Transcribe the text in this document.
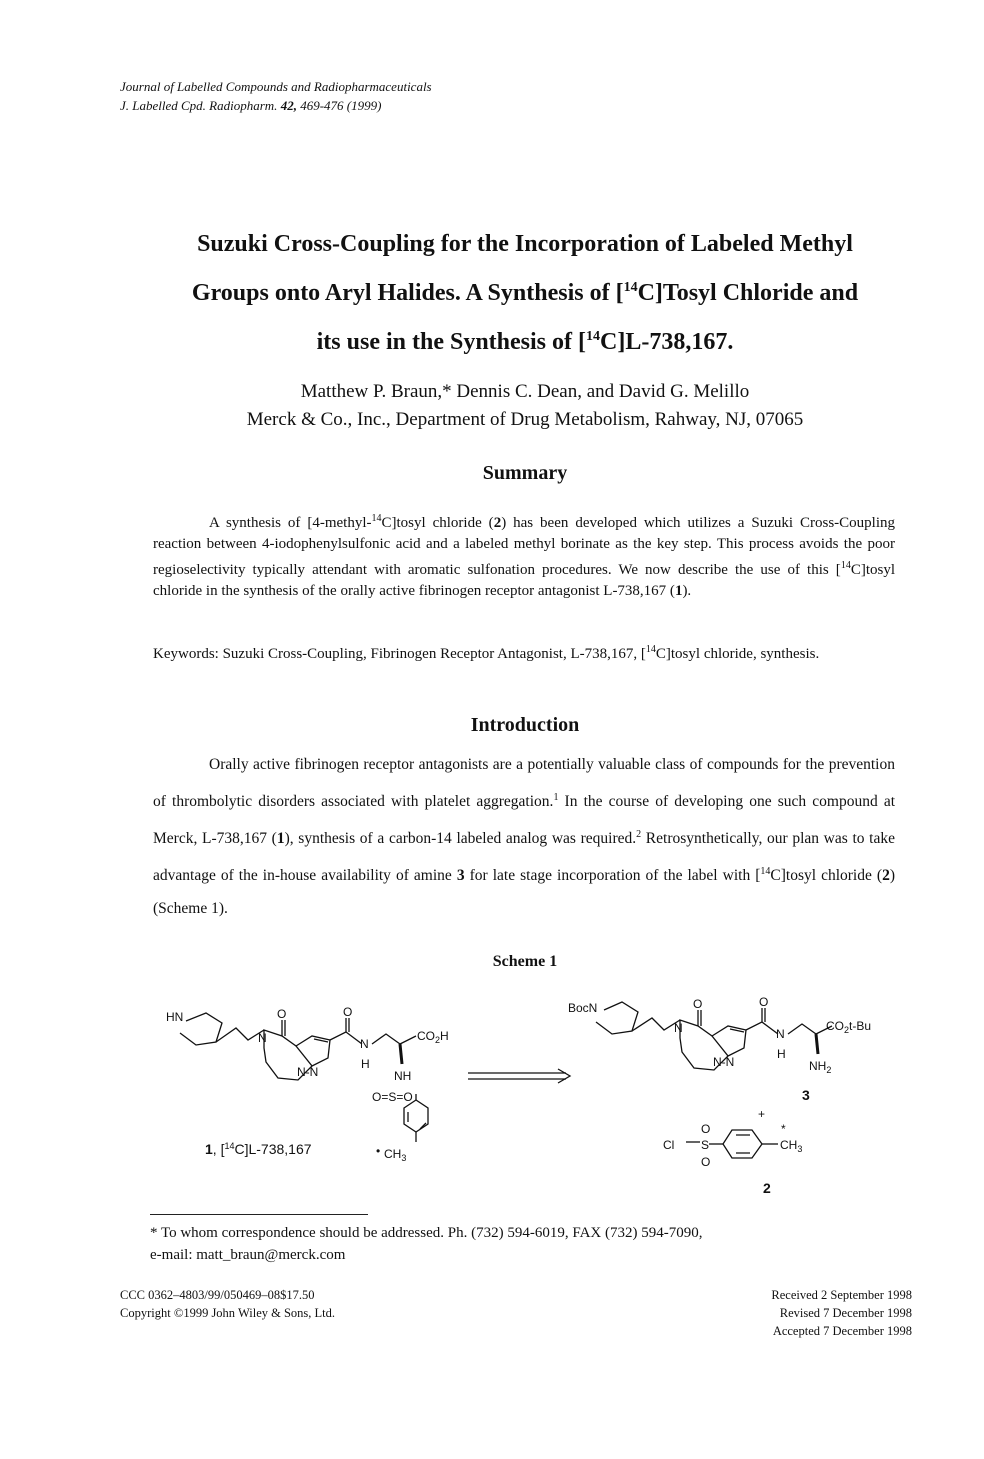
Journal of Labelled Compounds and Radiopharmaceuticals
J. Labelled Cpd. Radiopharm. 42, 469-476 (1999)
Suzuki Cross-Coupling for the Incorporation of Labeled Methyl
Groups onto Aryl Halides. A Synthesis of [$^{14}$C]Tosyl Chloride and
its use in the Synthesis of [$^{14}$C]L-738,167.
Matthew P. Braun,* Dennis C. Dean, and David G. Melillo
Merck & Co., Inc., Department of Drug Metabolism, Rahway, NJ, 07065
Summary
A synthesis of [4-methyl-$^{14}$C]tosyl chloride (2) has been developed which utilizes a Suzuki Cross-Coupling reaction between 4-iodophenylsulfonic acid and a labeled methyl borinate as the key step. This process avoids the poor regioselectivity typically attendant with aromatic sulfonation procedures. We now describe the use of this [$^{14}$C]tosyl chloride in the synthesis of the orally active fibrinogen receptor antagonist L-738,167 (1).
Keywords: Suzuki Cross-Coupling, Fibrinogen Receptor Antagonist, L-738,167, [$^{14}$C]tosyl chloride, synthesis.
Introduction
Orally active fibrinogen receptor antagonists are a potentially valuable class of compounds for the prevention of thrombolytic disorders associated with platelet aggregation.$^1$ In the course of developing one such compound at Merck, L-738,167 (1), synthesis of a carbon-14 labeled analog was required.$^2$ Retrosynthetically, our plan was to take advantage of the in-house availability of amine 3 for late stage incorporation of the label with [$^{14}$C]tosyl chloride (2) (Scheme 1).
Scheme 1
HN	O	O
N
N-N
N
H
$CO_2H$
NH
O=S=O
• $CH_3$
1, [$^{14}$C]L-738,167
BocN	O	O
N
N-N
N
H
$CO_2t-Bu$
$NH_2$
3
+
Cl S
O
O
*
$CH_3$
2
* To whom correspondence should be addressed. Ph. (732) 594-6019, FAX (732) 594-7090,
e-mail: matt_braun@merck.com
CCC 0362–4803/99/050469–08$17.50
Copyright ©1999 John Wiley & Sons, Ltd.
Received 2 September 1998
Revised 7 December 1998
Accepted 7 December 1998
